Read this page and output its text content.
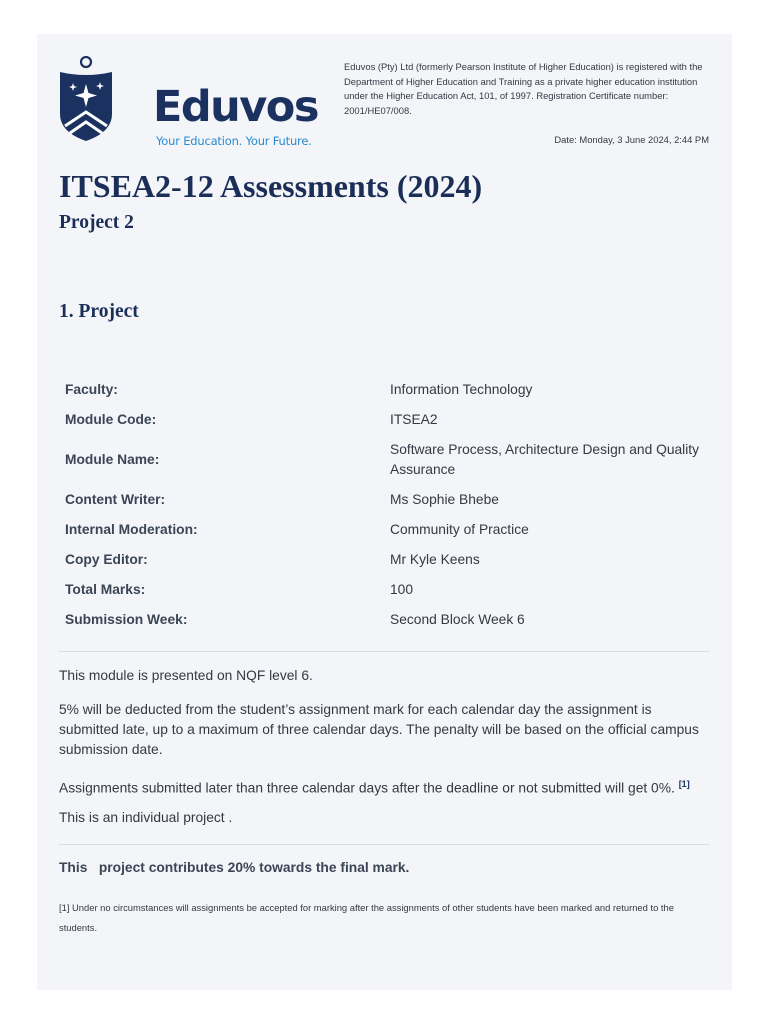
Eduvos
Your Education. Your Future.
Eduvos (Pty) Ltd (formerly Pearson Institute of Higher Education) is registered with the Department of Higher Education and Training as a private higher education institution under the Higher Education Act, 101, of 1997. Registration Certificate number: 2001/HE07/008.
Date: Monday, 3 June 2024, 2:44 PM
ITSEA2-12 Assessments (2024)
Project 2
1. Project
Faculty:	Information Technology
Module Code:	ITSEA2
Module Name:	Software Process, Architecture Design and Quality Assurance
Content Writer:	Ms Sophie Bhebe
Internal Moderation:	Community of Practice
Copy Editor:	Mr Kyle Keens
Total Marks:	100
Submission Week:	Second Block Week 6

This module is presented on NQF level 6.

5% will be deducted from the student’s assignment mark for each calendar day the assignment is submitted late, up to a maximum of three calendar days. The penalty will be based on the official campus submission date.

Assignments submitted later than three calendar days after the deadline or not submitted will get 0%. [1]

This is an individual project .

This   project contributes 20% towards the final mark.

[1] Under no circumstances will assignments be accepted for marking after the assignments of other students have been marked and returned to the students.
